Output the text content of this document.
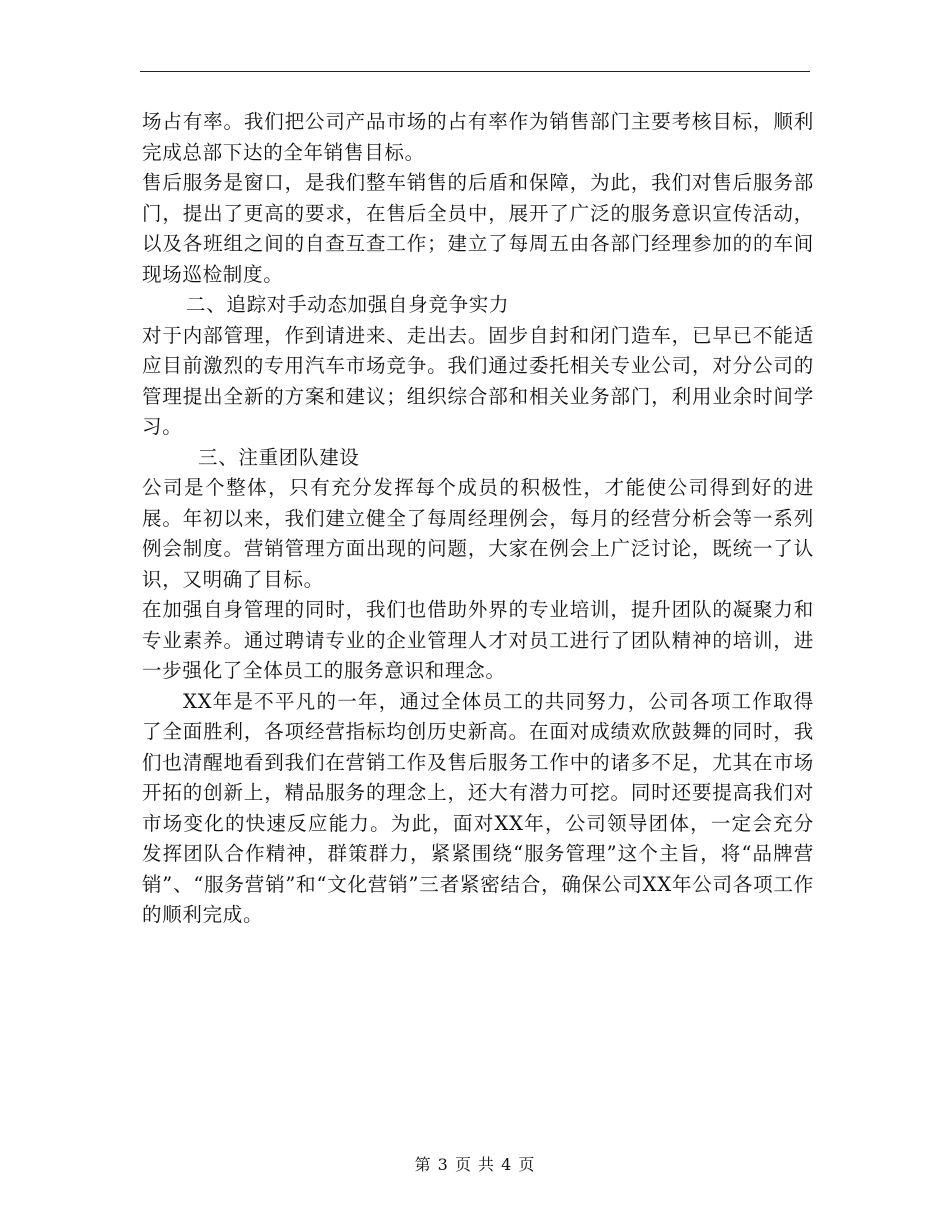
场占有率。我们把公司产品市场的占有率作为销售部门主要考核目标，顺利完成总部下达的全年销售目标。

售后服务是窗口，是我们整车销售的后盾和保障，为此，我们对售后服务部门，提出了更高的要求，在售后全员中，展开了广泛的服务意识宣传活动，以及各班组之间的自查互查工作；建立了每周五由各部门经理参加的的车间现场巡检制度。

二、追踪对手动态加强自身竞争实力

对于内部管理，作到请进来、走出去。固步自封和闭门造车，已早已不能适应目前激烈的专用汽车市场竞争。我们通过委托相关专业公司，对分公司的管理提出全新的方案和建议；组织综合部和相关业务部门，利用业余时间学习。

三、注重团队建设

公司是个整体，只有充分发挥每个成员的积极性，才能使公司得到好的进展。年初以来，我们建立健全了每周经理例会，每月的经营分析会等一系列例会制度。营销管理方面出现的问题，大家在例会上广泛讨论，既统一了认识，又明确了目标。

在加强自身管理的同时，我们也借助外界的专业培训，提升团队的凝聚力和专业素养。通过聘请专业的企业管理人才对员工进行了团队精神的培训，进一步强化了全体员工的服务意识和理念。

XX年是不平凡的一年，通过全体员工的共同努力，公司各项工作取得了全面胜利，各项经营指标均创历史新高。在面对成绩欢欣鼓舞的同时，我们也清醒地看到我们在营销工作及售后服务工作中的诸多不足，尤其在市场开拓的创新上，精品服务的理念上，还大有潜力可挖。同时还要提高我们对市场变化的快速反应能力。为此，面对XX年，公司领导团体，一定会充分发挥团队合作精神，群策群力，紧紧围绕“服务管理”这个主旨，将“品牌营销”、“服务营销”和“文化营销”三者紧密结合，确保公司XX年公司各项工作的顺利完成。

第 3 页 共 4 页
